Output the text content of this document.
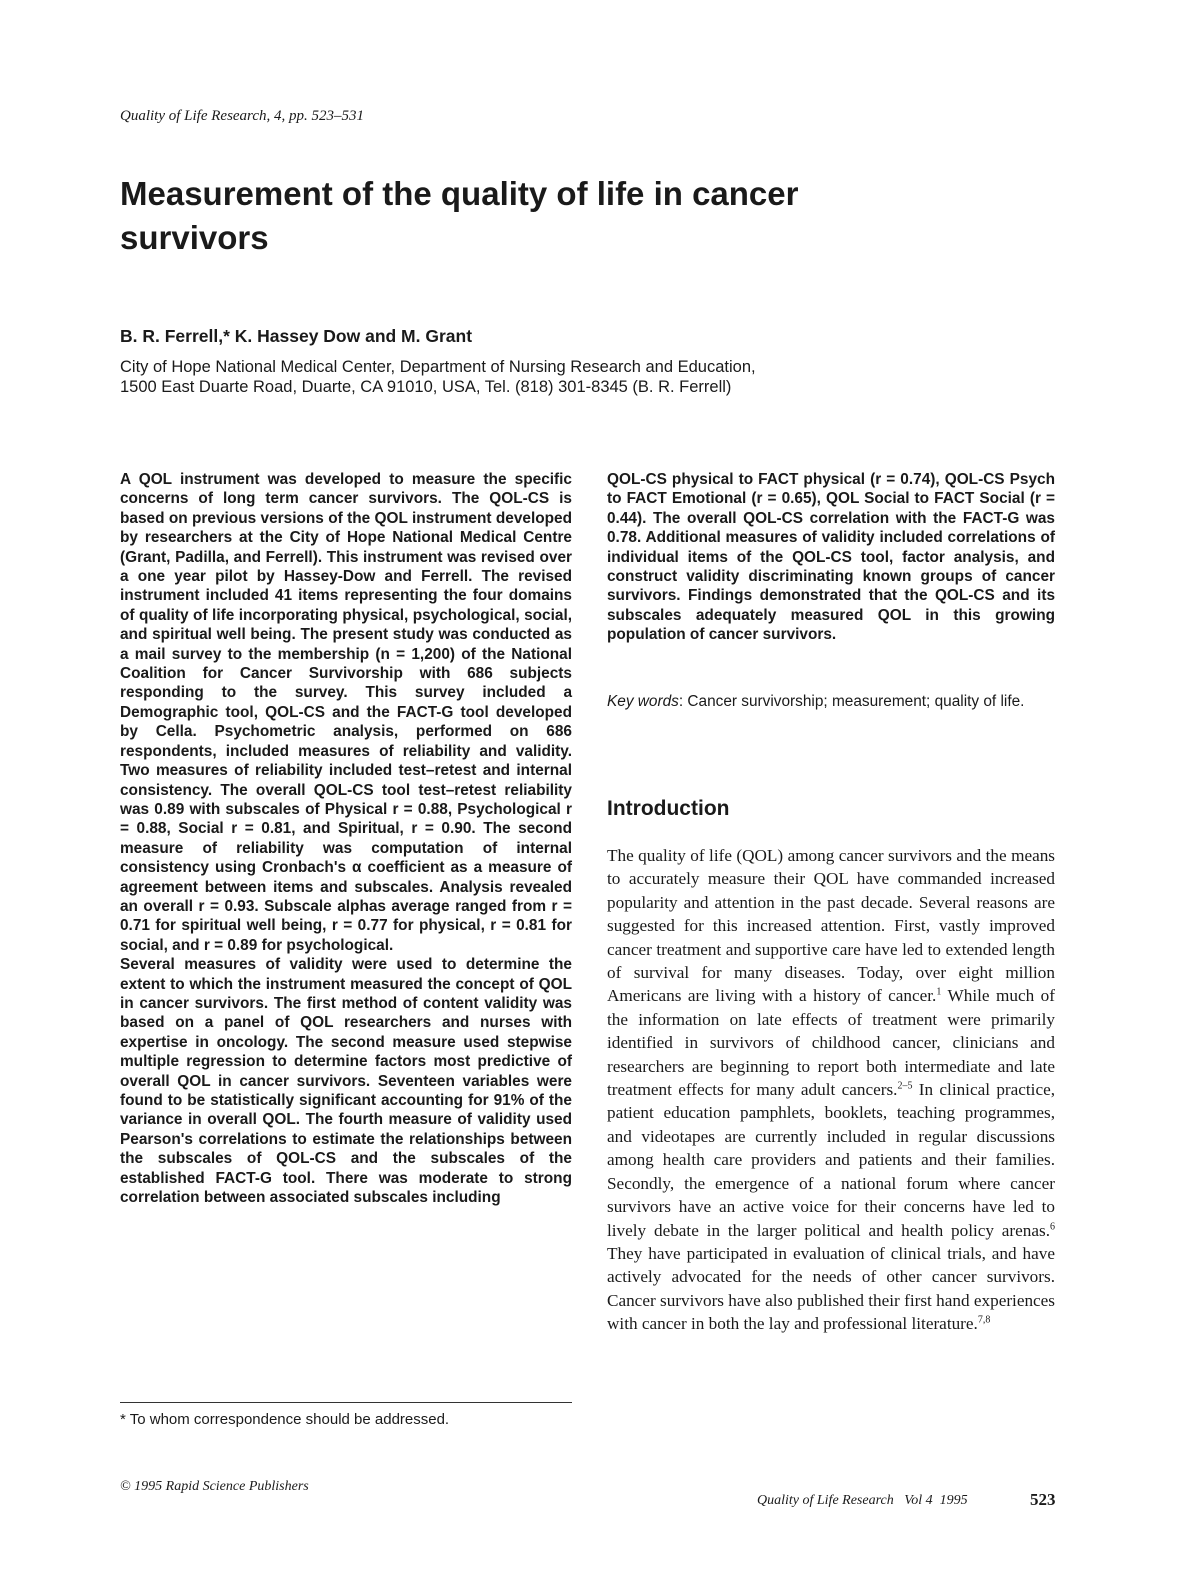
Quality of Life Research, 4, pp. 523–531
Measurement of the quality of life in cancer survivors
B. R. Ferrell,* K. Hassey Dow and M. Grant
City of Hope National Medical Center, Department of Nursing Research and Education, 1500 East Duarte Road, Duarte, CA 91010, USA, Tel. (818) 301-8345 (B. R. Ferrell)

A QOL instrument was developed to measure the specific concerns of long term cancer survivors. The QOL-CS is based on previous versions of the QOL instrument developed by researchers at the City of Hope National Medical Centre (Grant, Padilla, and Ferrell). This instrument was revised over a one year pilot by Hassey-Dow and Ferrell. The revised instrument included 41 items representing the four domains of quality of life incorporating physical, psychological, social, and spiritual well being. The present study was conducted as a mail survey to the membership (n = 1,200) of the National Coalition for Cancer Survivorship with 686 subjects responding to the survey. This survey included a Demographic tool, QOL-CS and the FACT-G tool developed by Cella. Psychometric analysis, performed on 686 respondents, included measures of reliability and validity. Two measures of reliability included test–retest and internal consistency. The overall QOL-CS tool test–retest reliability was 0.89 with subscales of Physical r = 0.88, Psychological r = 0.88, Social r = 0.81, and Spiritual, r = 0.90. The second measure of reliability was computation of internal consistency using Cronbach's α coefficient as a measure of agreement between items and subscales. Analysis revealed an overall r = 0.93. Subscale alphas average ranged from r = 0.71 for spiritual well being, r = 0.77 for physical, r = 0.81 for social, and r = 0.89 for psychological.

Several measures of validity were used to determine the extent to which the instrument measured the concept of QOL in cancer survivors. The first method of content validity was based on a panel of QOL researchers and nurses with expertise in oncology. The second measure used stepwise multiple regression to determine factors most predictive of overall QOL in cancer survivors. Seventeen variables were found to be statistically significant accounting for 91% of the variance in overall QOL. The fourth measure of validity used Pearson's correlations to estimate the relationships between the subscales of QOL-CS and the subscales of the established FACT-G tool. There was moderate to strong correlation between associated subscales including

QOL-CS physical to FACT physical (r = 0.74), QOL-CS Psych to FACT Emotional (r = 0.65), QOL Social to FACT Social (r = 0.44). The overall QOL-CS correlation with the FACT-G was 0.78. Additional measures of validity included correlations of individual items of the QOL-CS tool, factor analysis, and construct validity discriminating known groups of cancer survivors. Findings demonstrated that the QOL-CS and its subscales adequately measured QOL in this growing population of cancer survivors.
Key words: Cancer survivorship; measurement; quality of life.
Introduction
The quality of life (QOL) among cancer survivors and the means to accurately measure their QOL have commanded increased popularity and attention in the past decade. Several reasons are suggested for this increased attention. First, vastly improved cancer treatment and supportive care have led to extended length of survival for many diseases. Today, over eight million Americans are living with a history of cancer.$^1$ While much of the information on late effects of treatment were primarily identified in survivors of childhood cancer, clinicians and researchers are beginning to report both intermediate and late treatment effects for many adult cancers.$^{2-5}$ In clinical practice, patient education pamphlets, booklets, teaching programmes, and videotapes are currently included in regular discussions among health care providers and patients and their families. Secondly, the emergence of a national forum where cancer survivors have an active voice for their concerns have led to lively debate in the larger political and health policy arenas.$^6$ They have participated in evaluation of clinical trials, and have actively advocated for the needs of other cancer survivors. Cancer survivors have also published their first hand experiences with cancer in both the lay and professional literature.$^{7,8}$
* To whom correspondence should be addressed.
© 1995 Rapid Science Publishers
Quality of Life Research   Vol 4  1995	523
